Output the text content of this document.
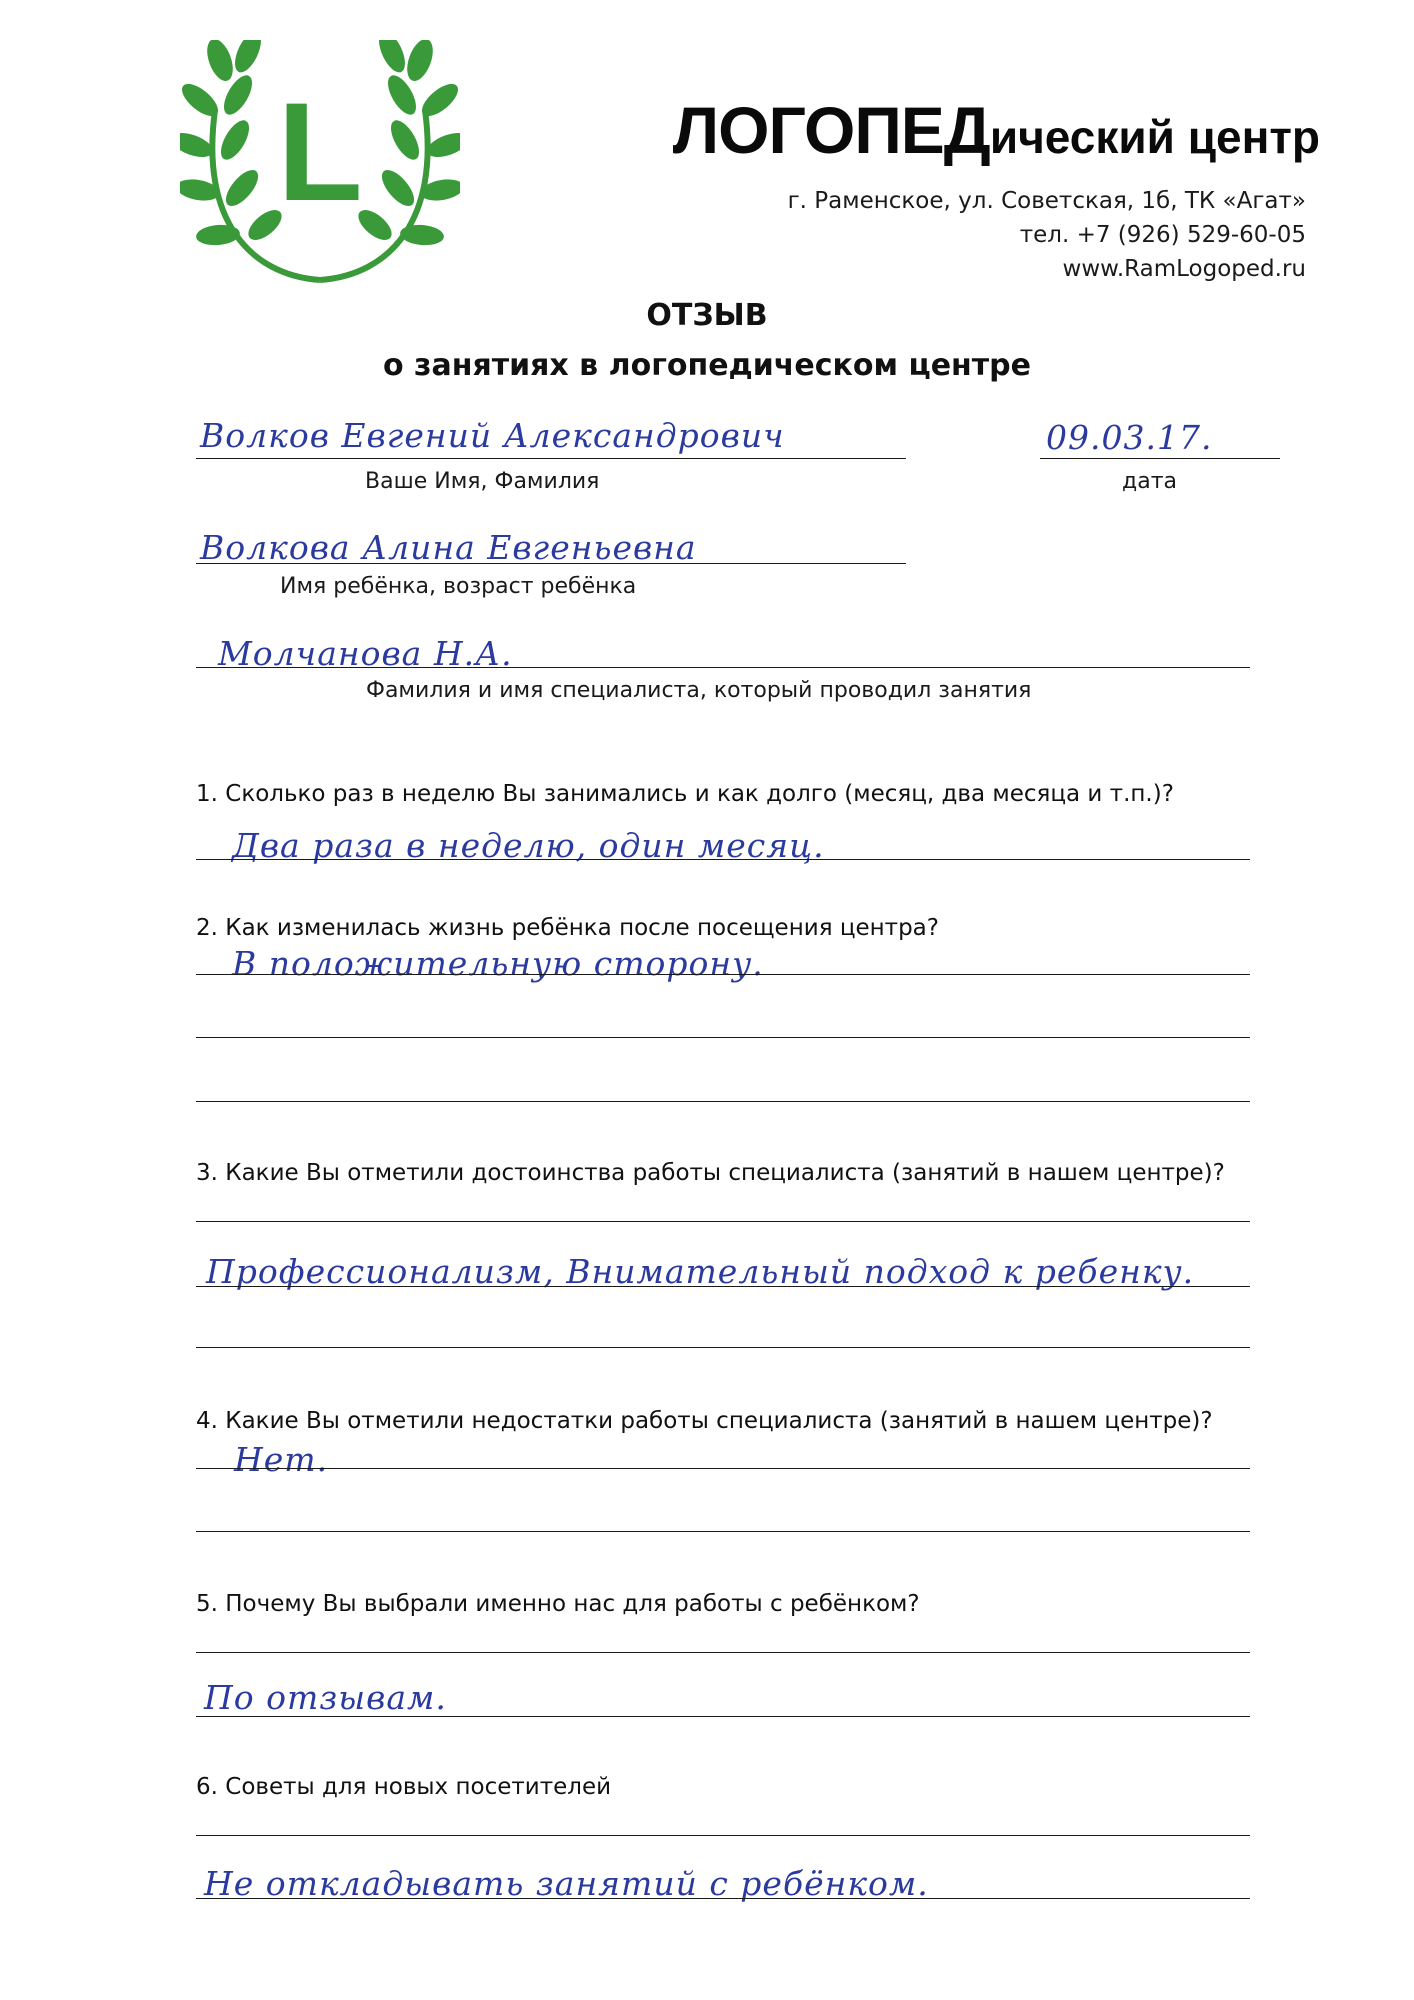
L	ЛОГОПЕДический центр
г. Раменское, ул. Советская, 1б, ТК «Агат»
тел. +7 (926) 529-60-05
www.RamLogoped.ru
ОТЗЫВ
о занятиях в логопедическом центре
Волков Евгений Александрович
Ваше Имя, Фамилия
09.03.17.
дата
Волкова Алина Евгеньевна
Имя ребёнка, возраст ребёнка
Молчанова Н.А.
Фамилия и имя специалиста, который проводил занятия
1. Сколько раз в неделю Вы занимались и как долго (месяц, два месяца и т.п.)?
Два раза в неделю, один месяц.
2. Как изменилась жизнь ребёнка после посещения центра?
В положительную сторону.
3. Какие Вы отметили достоинства работы специалиста (занятий в нашем центре)?
Профессионализм, Внимательный подход к ребенку.
4. Какие Вы отметили недостатки работы специалиста (занятий в нашем центре)?
Нет.
5. Почему Вы выбрали именно нас для работы с ребёнком?
По отзывам.
6. Советы для новых посетителей
Не откладывать занятий с ребёнком.
